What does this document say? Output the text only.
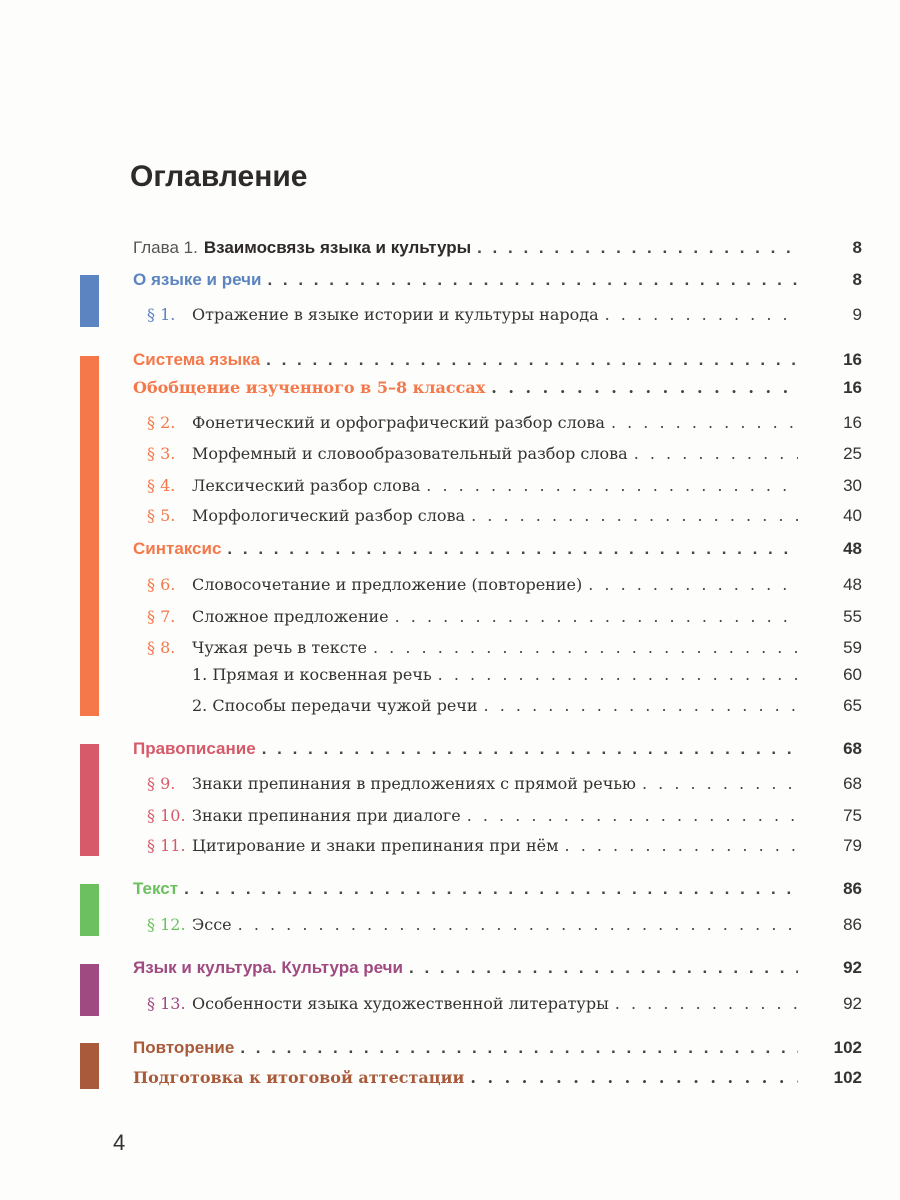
Оглавление
Глава 1. Взаимосвязь языка и культуры . . .	8
О языке и речи . . .	8
§ 1.	Отражение в языке истории и культуры народа . . .	9
Система языка . . .	16
Обобщение изученного в 5–8 классах . . .	16
§ 2.	Фонетический и орфографический разбор слова . . .	16
§ 3.	Морфемный и словообразовательный разбор слова . . .	25
§ 4.	Лексический разбор слова . . .	30
§ 5.	Морфологический разбор слова . . .	40
Синтаксис . . .	48
§ 6.	Словосочетание и предложение (повторение) . . .	48
§ 7.	Сложное предложение . . .	55
§ 8.	Чужая речь в тексте . . .	59
1. Прямая и косвенная речь . . .	60
2. Способы передачи чужой речи . . .	65
Правописание . . .	68
§ 9.	Знаки препинания в предложениях с прямой речью . . .	68
§ 10. Знаки препинания при диалоге . . .	75
§ 11. Цитирование и знаки препинания при нём . . .	79
Текст . . .	86
§ 12. Эссе . . .	86
Язык и культура. Культура речи . . .	92
§ 13. Особенности языка художественной литературы . . .	92
Повторение . . .	102
Подготовка к итоговой аттестации . . .	102
4
